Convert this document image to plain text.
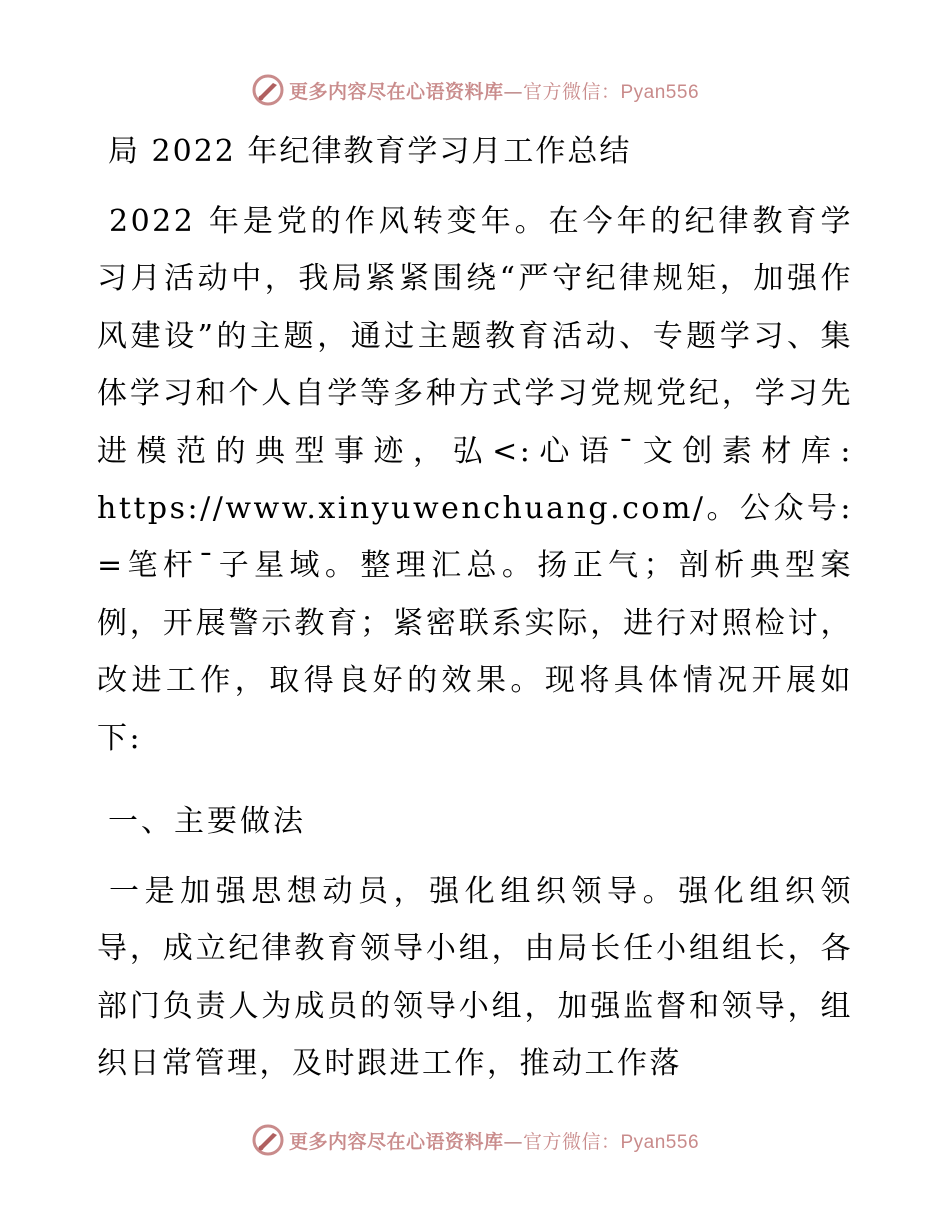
更多内容尽在心语资料库—官方微信：Pyan556
局 2022 年纪律教育学习月工作总结
2022 年是党的作风转变年。在今年的纪律教育学习月活动中，我局紧紧围绕“严守纪律规矩，加强作风建设”的主题，通过主题教育活动、专题学习、集体学习和个人自学等多种方式学习党规党纪，学习先进模范的典型事迹，弘<:心语¯文创素材库: https://www.xinyuwenchuang.com/。公众号: =笔杆¯子星域。整理汇总。扬正气；剖析典型案例，开展警示教育；紧密联系实际，进行对照检讨，改进工作，取得良好的效果。现将具体情况开展如下:
一、主要做法
一是加强思想动员，强化组织领导。强化组织领导，成立纪律教育领导小组，由局长任小组组长，各部门负责人为成员的领导小组，加强监督和领导，组织日常管理，及时跟进工作，推动工作落
更多内容尽在心语资料库—官方微信：Pyan556
